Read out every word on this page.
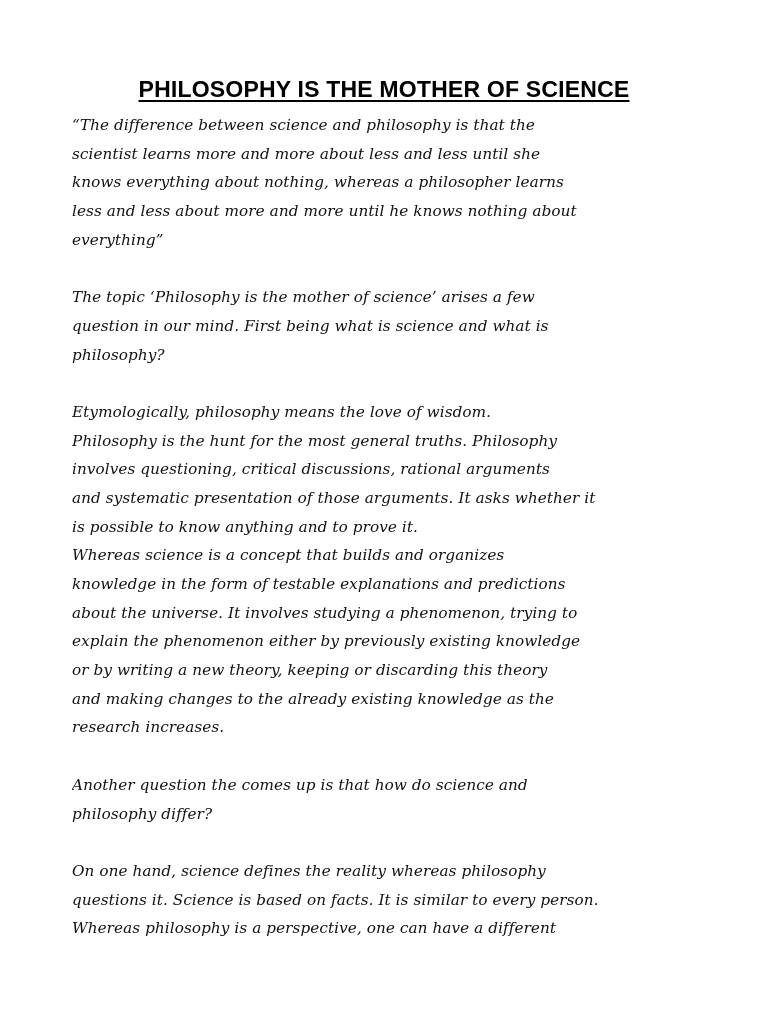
PHILOSOPHY IS THE MOTHER OF SCIENCE
“The difference between science and philosophy is that the
scientist learns more and more about less and less until she
knows everything about nothing, whereas a philosopher learns
less and less about more and more until he knows nothing about
everything”
The topic ‘Philosophy is the mother of science’ arises a few
question in our mind. First being what is science and what is
philosophy?
Etymologically, philosophy means the love of wisdom.
Philosophy is the hunt for the most general truths. Philosophy
involves questioning, critical discussions, rational arguments
and systematic presentation of those arguments. It asks whether it
is possible to know anything and to prove it.
Whereas science is a concept that builds and organizes
knowledge in the form of testable explanations and predictions
about the universe. It involves studying a phenomenon, trying to
explain the phenomenon either by previously existing knowledge
or by writing a new theory, keeping or discarding this theory
and making changes to the already existing knowledge as the
research increases.
Another question the comes up is that how do science and
philosophy differ?
On one hand, science defines the reality whereas philosophy
questions it. Science is based on facts. It is similar to every person.
Whereas philosophy is a perspective, one can have a different
